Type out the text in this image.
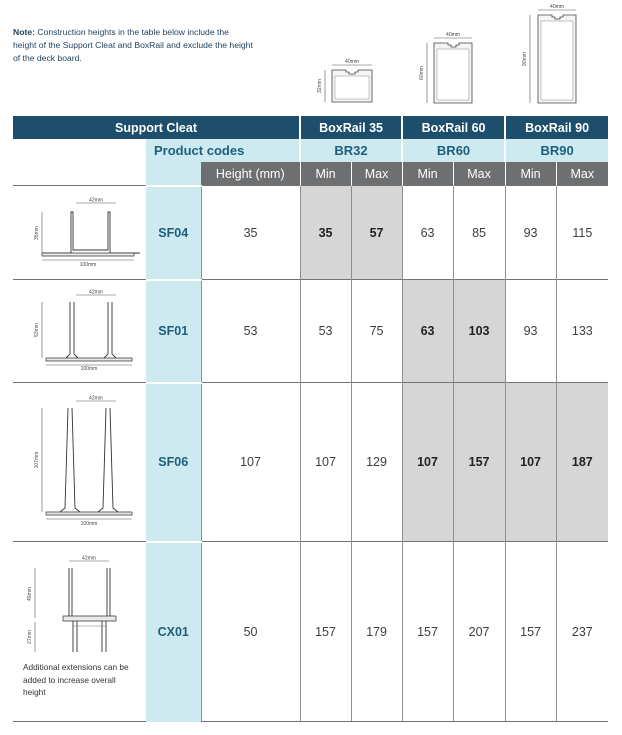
Note: Construction heights in the table below include the height of the Support Cleat and BoxRail and exclude the height of the deck board.	40mm
32mm
40mm
60mm
40mm
90mm
Support Cleat			BoxRail 35		BoxRail 60		BoxRail 90	
	Product codes		BR32		BR60		BR90	
		Height (mm)	Min	Max	Min	Max	Min	Max

42mm
35mm
100mm	SF04	35	35	57	63	85	93	115

42mm
53mm
100mm	SF01	53	53	75	63	103	93	133

42mm
107mm
100mm	SF06	107	107	129	107	157	107	187

42mm
49mm
27mm
Additional extensions can be added to increase overall height	CX01	50	157	179	157	207	157	237
